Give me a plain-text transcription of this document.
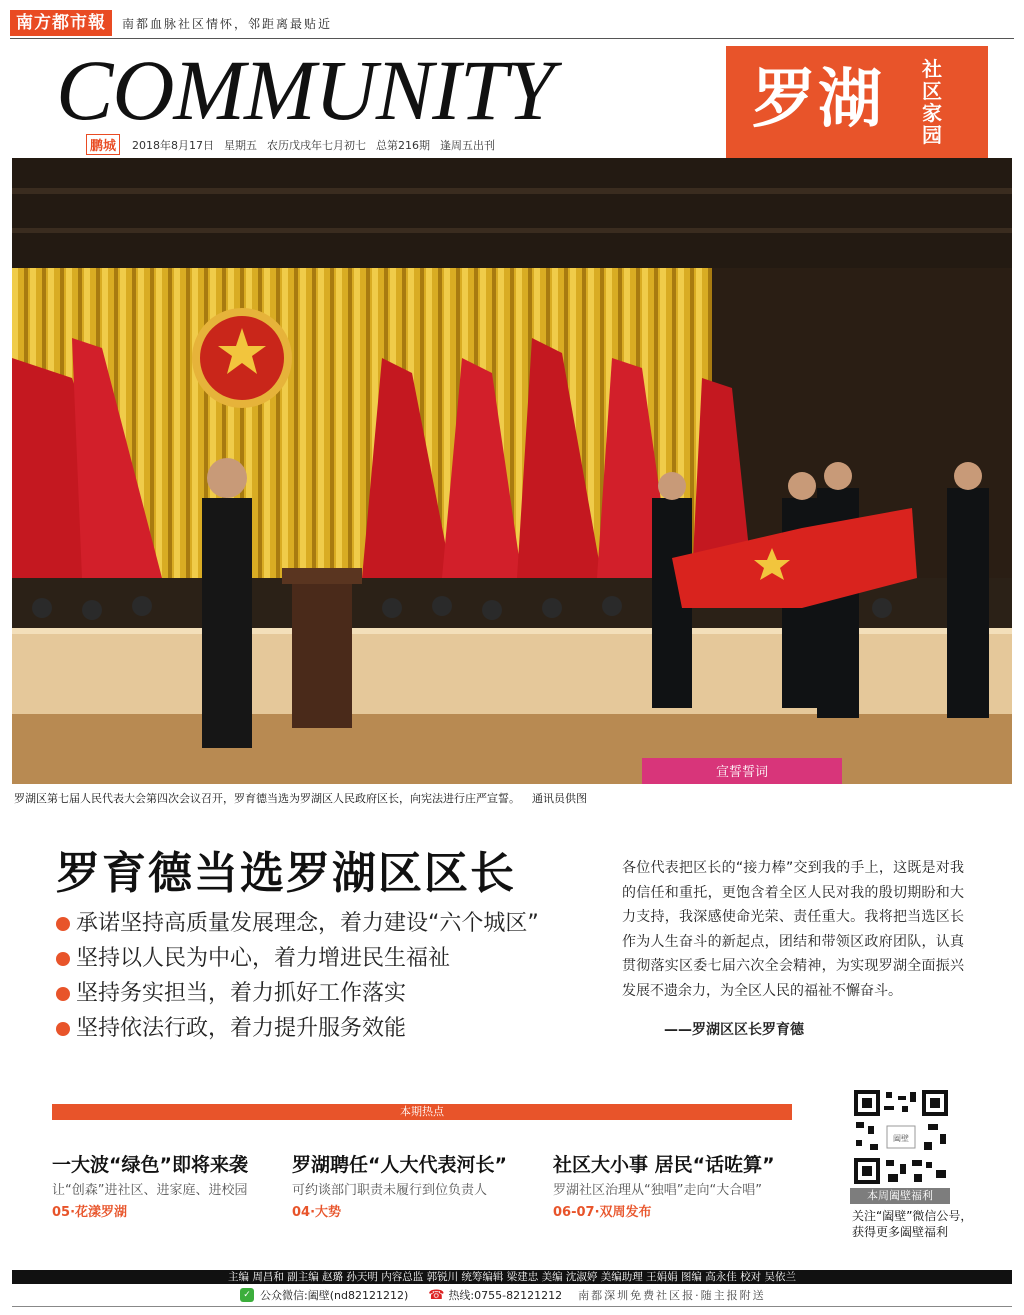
南方都市報	南都血脉社区情怀，邻距离最贴近
COMMUNITY
鹏城	2018年8月17日 星期五 农历戊戌年七月初七 总第216期 逢周五出刊
罗湖 社区家园
宣誓誓词
罗湖区第七届人民代表大会第四次会议召开，罗育德当选为罗湖区人民政府区长，向宪法进行庄严宣誓。 通讯员供图
罗育德当选罗湖区区长
承诺坚持高质量发展理念，着力建设“六个城区”
坚持以人民为中心，着力增进民生福祉
坚持务实担当，着力抓好工作落实
坚持依法行政，着力提升服务效能
各位代表把区长的“接力棒”交到我的手上，这既是对我的信任和重托，更饱含着全区人民对我的殷切期盼和大力支持，我深感使命光荣、责任重大。我将把当选区长作为人生奋斗的新起点，团结和带领区政府团队，认真贯彻落实区委七届六次全会精神，为实现罗湖全面振兴发展不遗余力，为全区人民的福祉不懈奋斗。
——罗湖区区长罗育德
本期热点
一大波“绿色”即将来袭
让“创森”进社区、进家庭、进校园
05·花漾罗湖
罗湖聘任“人大代表河长”
可约谈部门职责未履行到位负责人
04·大势
社区大小事 居民“话咗算”
罗湖社区治理从“独唱”走向“大合唱”
06-07·双周发布
阖壁
本周阖壁福利
关注“阖壁”微信公号，获得更多阖壁福利
主编 周昌和 副主编 赵璐 孙天明 内容总监 郭锐川 统筹编辑 梁建忠 美编 沈淑婷 美编助理 王娟娟 图编 高永佳 校对 吴依兰
✓ 公众微信:阖壁(nd82121212) ☎ 热线:0755-82121212 南都深圳免费社区报·随主报附送
